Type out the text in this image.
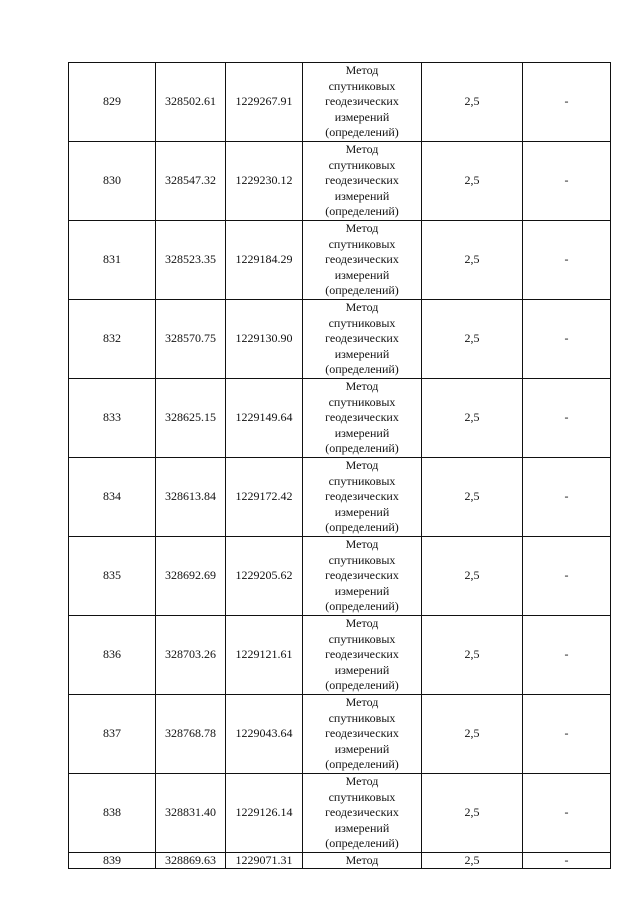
829	328502.61	1229267.91	Метод
спутниковых
геодезических
измерений
(определений)	2,5	-
830	328547.32	1229230.12	Метод
спутниковых
геодезических
измерений
(определений)	2,5	-
831	328523.35	1229184.29	Метод
спутниковых
геодезических
измерений
(определений)	2,5	-
832	328570.75	1229130.90	Метод
спутниковых
геодезических
измерений
(определений)	2,5	-
833	328625.15	1229149.64	Метод
спутниковых
геодезических
измерений
(определений)	2,5	-
834	328613.84	1229172.42	Метод
спутниковых
геодезических
измерений
(определений)	2,5	-
835	328692.69	1229205.62	Метод
спутниковых
геодезических
измерений
(определений)	2,5	-
836	328703.26	1229121.61	Метод
спутниковых
геодезических
измерений
(определений)	2,5	-
837	328768.78	1229043.64	Метод
спутниковых
геодезических
измерений
(определений)	2,5	-
838	328831.40	1229126.14	Метод
спутниковых
геодезических
измерений
(определений)	2,5	-
839	328869.63	1229071.31	Метод	2,5	-
